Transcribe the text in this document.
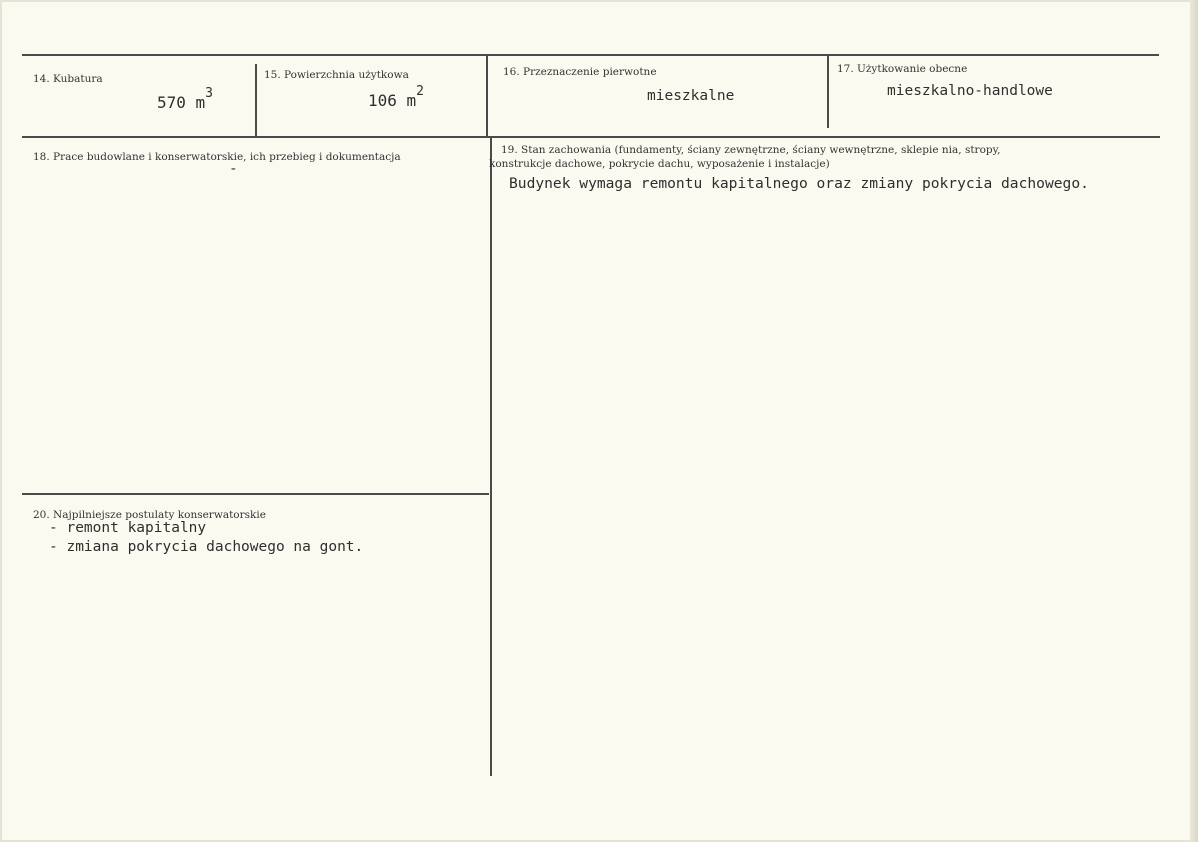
14. Kubatura
570 $m^3$
15. Powierzchnia użytkowa
106 $m^2$
16. Przeznaczenie pierwotne
mieszkalne
17. Użytkowanie obecne
mieszkalno-handlowe
18. Prace budowlane i konserwatorskie, ich przebieg i dokumentacja
-
19. Stan zachowania (fundamenty, ściany zewnętrzne, ściany wewnętrzne, sklepie nia, stropy,
konstrukcje dachowe, pokrycie dachu, wyposażenie i instalacje)
Budynek wymaga remontu kapitalnego oraz zmiany pokrycia dachowego.
20. Najpilniejsze postulaty konserwatorskie
- remont kapitalny
- zmiana pokrycia dachowego na gont.
